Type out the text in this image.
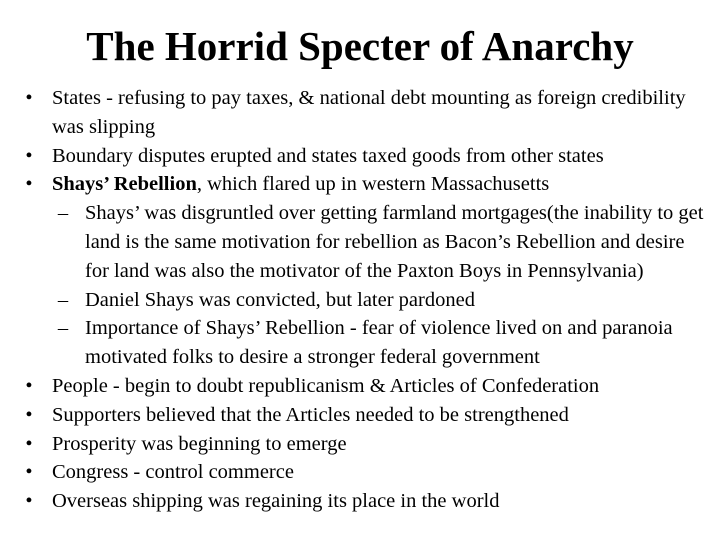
The Horrid Specter of Anarchy
• States - refusing to pay taxes, & national debt mounting as foreign credibility was slipping
• Boundary disputes erupted and states taxed goods from other states
• Shays’ Rebellion, which flared up in western Massachusetts
– Shays’ was disgruntled over getting farmland mortgages(the inability to get land is the same motivation for rebellion as Bacon’s Rebellion and desire for land was also the motivator of the Paxton Boys in Pennsylvania)
– Daniel Shays was convicted, but later pardoned
– Importance of Shays’ Rebellion - fear of violence lived on and paranoia motivated folks to desire a stronger federal government
• People - begin to doubt republicanism & Articles of Confederation
• Supporters believed that the Articles needed to be strengthened
• Prosperity was beginning to emerge
• Congress - control commerce
• Overseas shipping was regaining its place in the world
